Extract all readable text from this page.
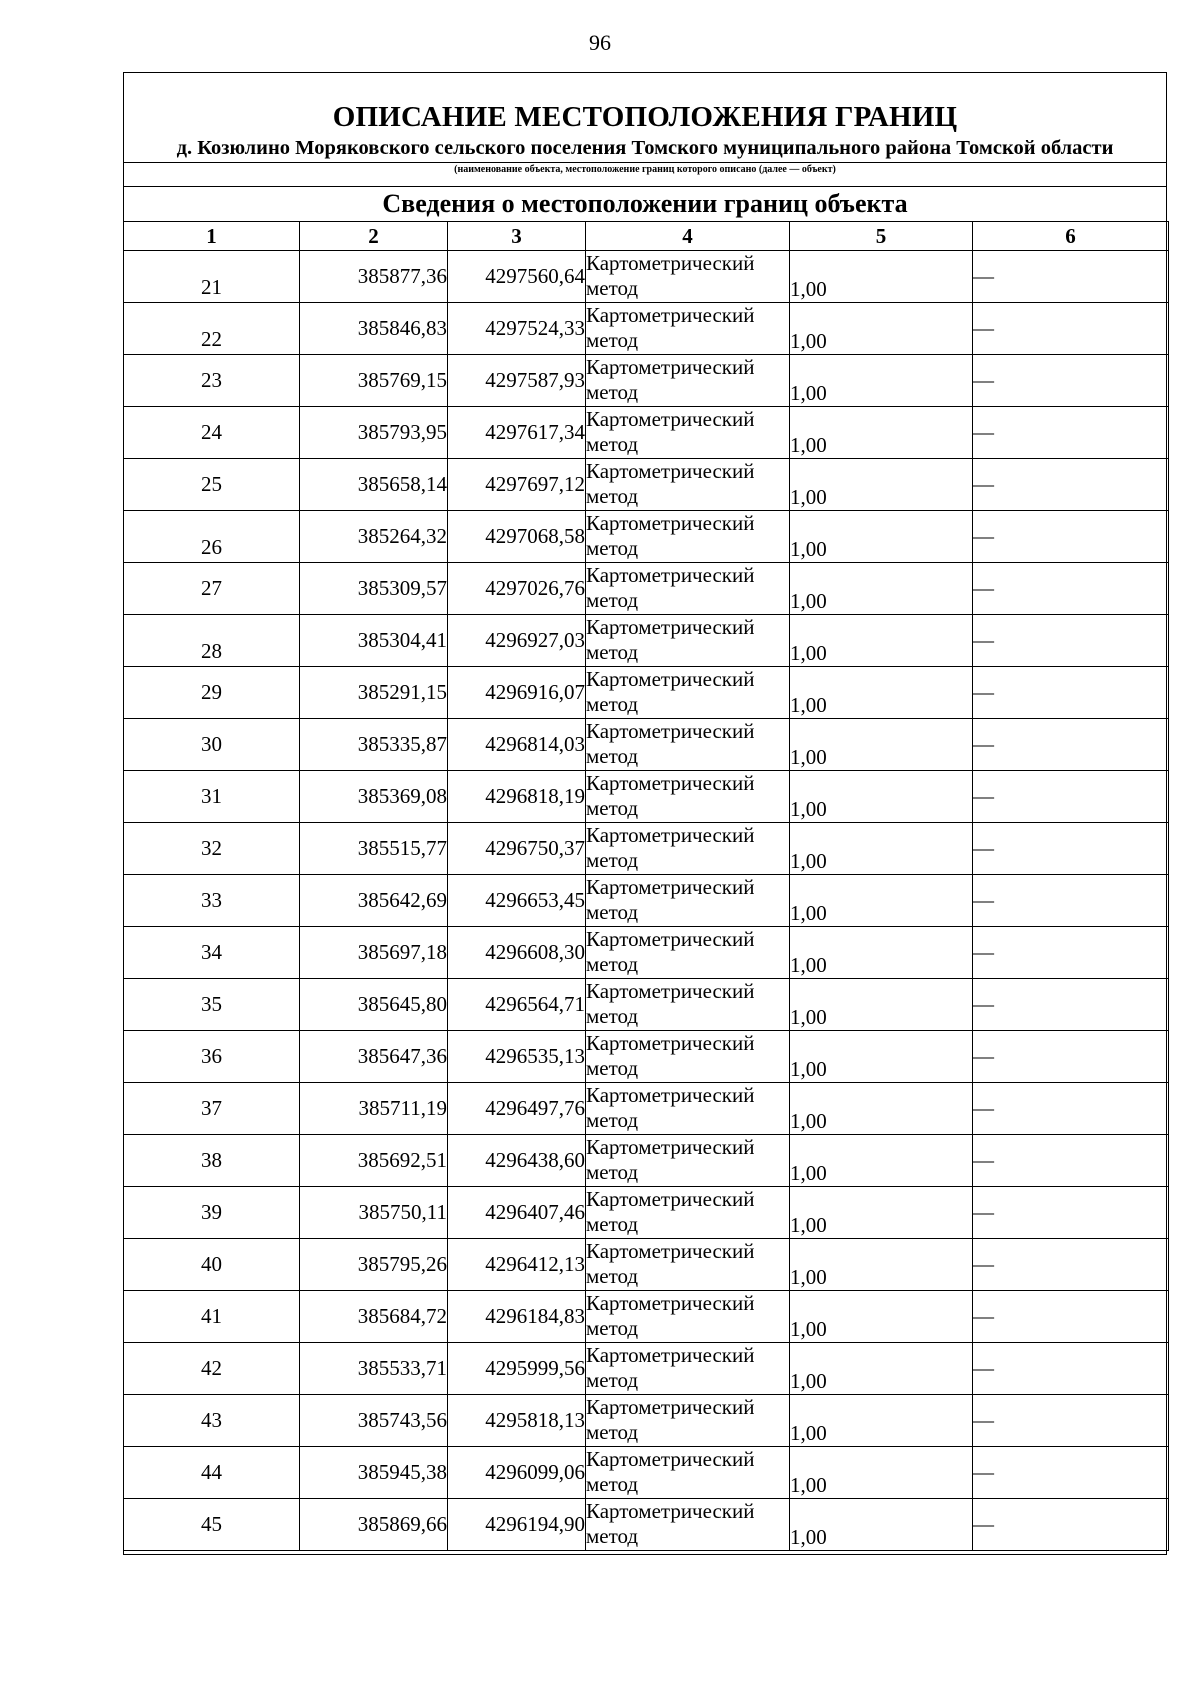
96
ОПИСАНИЕ МЕСТОПОЛОЖЕНИЯ ГРАНИЦ
д. Козюлино Моряковского сельского поселения Томского муниципального района Томской области
(наименование объекта, местоположение границ которого описано (далее — объект)
Сведения о местоположении границ объекта
1	2	3	4	5	6
21	385877,36	4297560,64	Картометрический метод	1,00	—
22	385846,83	4297524,33	Картометрический метод	1,00	—
23	385769,15	4297587,93	Картометрический метод	1,00	—
24	385793,95	4297617,34	Картометрический метод	1,00	—
25	385658,14	4297697,12	Картометрический метод	1,00	—
26	385264,32	4297068,58	Картометрический метод	1,00	—
27	385309,57	4297026,76	Картометрический метод	1,00	—
28	385304,41	4296927,03	Картометрический метод	1,00	—
29	385291,15	4296916,07	Картометрический метод	1,00	—
30	385335,87	4296814,03	Картометрический метод	1,00	—
31	385369,08	4296818,19	Картометрический метод	1,00	—
32	385515,77	4296750,37	Картометрический метод	1,00	—
33	385642,69	4296653,45	Картометрический метод	1,00	—
34	385697,18	4296608,30	Картометрический метод	1,00	—
35	385645,80	4296564,71	Картометрический метод	1,00	—
36	385647,36	4296535,13	Картометрический метод	1,00	—
37	385711,19	4296497,76	Картометрический метод	1,00	—
38	385692,51	4296438,60	Картометрический метод	1,00	—
39	385750,11	4296407,46	Картометрический метод	1,00	—
40	385795,26	4296412,13	Картометрический метод	1,00	—
41	385684,72	4296184,83	Картометрический метод	1,00	—
42	385533,71	4295999,56	Картометрический метод	1,00	—
43	385743,56	4295818,13	Картометрический метод	1,00	—
44	385945,38	4296099,06	Картометрический метод	1,00	—
45	385869,66	4296194,90	Картометрический метод	1,00	—
